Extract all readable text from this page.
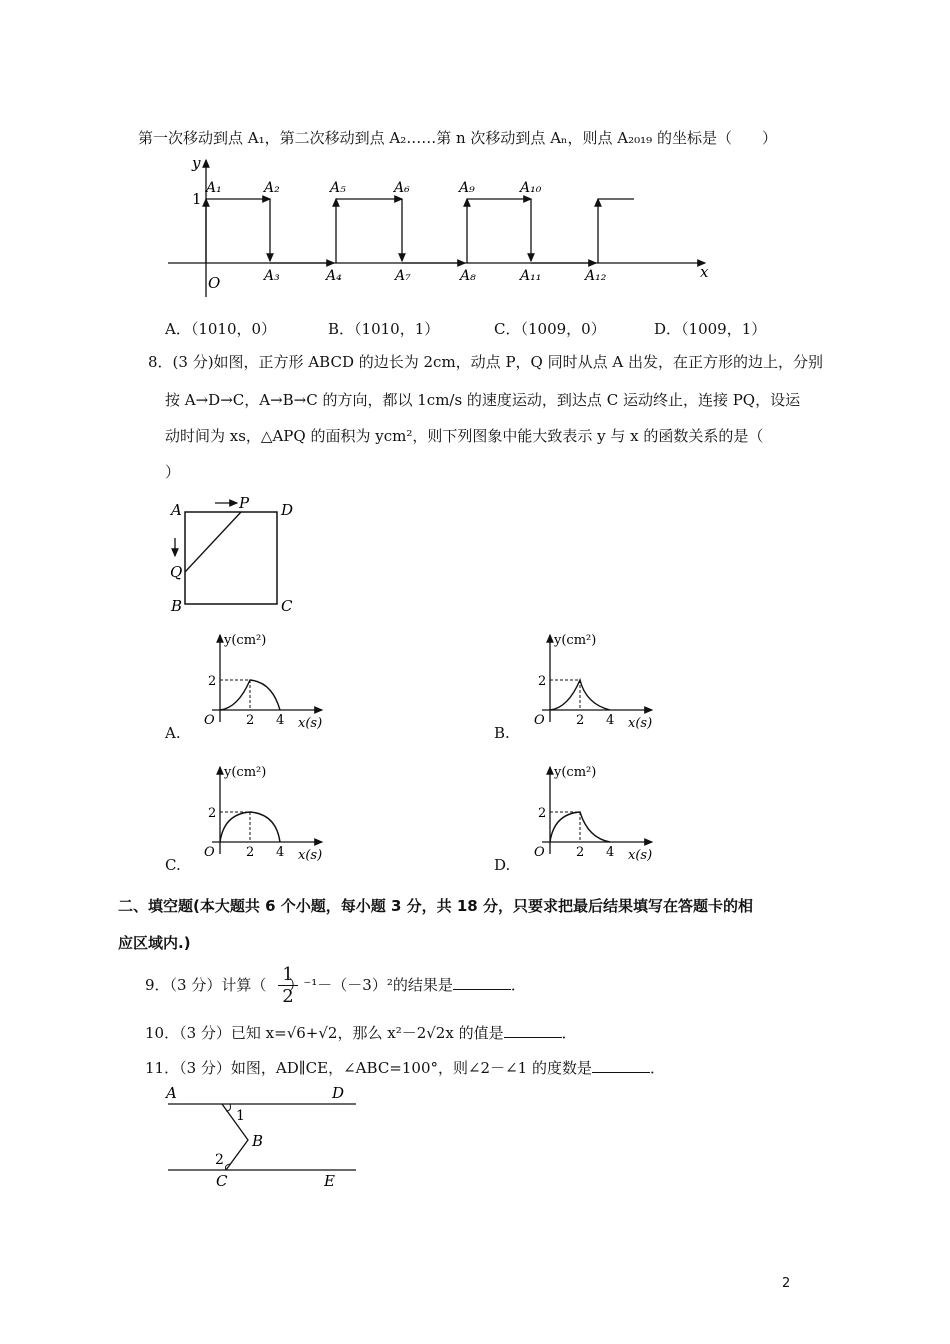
第一次移动到点 A₁，第二次移动到点 A₂……第 n 次移动到点 Aₙ，则点 A₂₀₁₉ 的坐标是（　　）
y
x
O
1
A₁	A₂	A₅	A₆	A₉	A₁₀
A₃	A₄	A₇	A₈	A₁₁	A₁₂
A．（1010，0）	B．（1010，1）	C．（1009，0）	D．（1009，1）
8．(3 分)如图，正方形 ABCD 的边长为 2cm，动点 P，Q 同时从点 A 出发，在正方形的边上，分别
按 A→D→C，A→B→C 的方向，都以 1cm/s 的速度运动，到达点 C 运动终止，连接 PQ，设运
动时间为 xs，△APQ 的面积为 ycm²，则下列图象中能大致表示 y 与 x 的函数关系的是（
）
A	D
B	C
P
Q
y(cm²)
x(s)
O
2
2 4
A.
y(cm²)
x(s)
O
2
2 4
B.
y(cm²)
x(s)
O
2
2 4
C.
y(cm²)
x(s)
O
2
2 4
D.
二、填空题(本大题共 6 个小题，每小题 3 分，共 18 分，只要求把最后结果填写在答题卡的相
应区域内.)
9．（3 分）计算（ ）⁻¹－（－3）²的结果是	．
$\frac{1}{2}$
10．（3 分）已知 x=√6+√2，那么 x²－2√2x 的值是	．
11．（3 分）如图，AD∥CE，∠ABC=100°，则∠2－∠1 的度数是	．
A	D
B
C	E
1
2
2
